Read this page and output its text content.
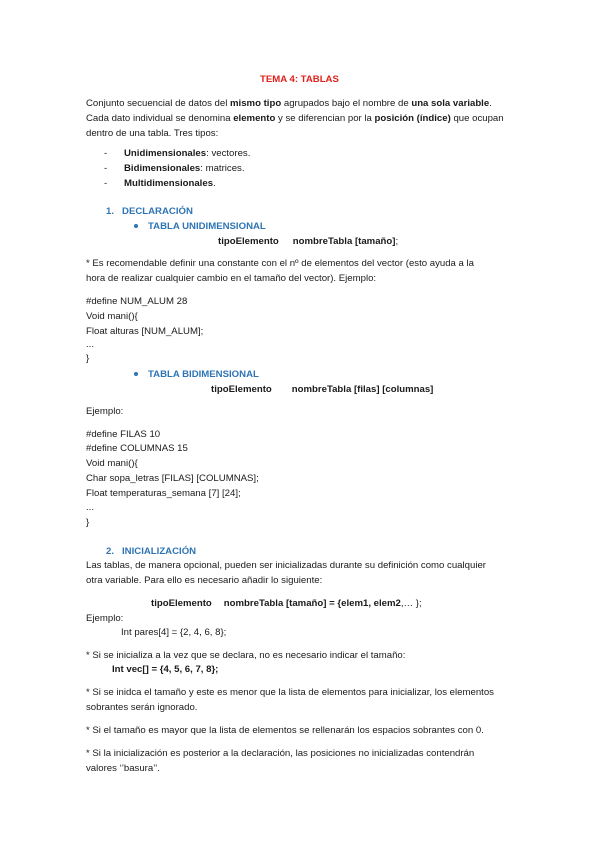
TEMA 4: TABLAS
Conjunto secuencial de datos del mismo tipo agrupados bajo el nombre de una sola variable.
Cada dato individual se denomina elemento y se diferencian por la posición (índice) que ocupan
dentro de una tabla. Tres tipos:
- Unidimensionales: vectores.
- Bidimensionales: matrices.
- Multidimensionales.
1. DECLARACIÓN
TABLA UNIDIMENSIONAL
tipoElemento nombreTabla [tamaño];
* Es recomendable definir una constante con el nº de elementos del vector (esto ayuda a la
hora de realizar cualquier cambio en el tamaño del vector). Ejemplo:
#define NUM_ALUM 28
Void mani(){
Float alturas [NUM_ALUM];
...
}
TABLA BIDIMENSIONAL
tipoElemento nombreTabla [filas] [columnas]
Ejemplo:
#define FILAS 10
#define COLUMNAS 15
Void mani(){
Char sopa_letras [FILAS] [COLUMNAS];
Float temperaturas_semana [7] [24];
...
}
2. INICIALIZACIÓN
Las tablas, de manera opcional, pueden ser inicializadas durante su definición como cualquier
otra variable. Para ello es necesario añadir lo siguiente:
tipoElemento nombreTabla [tamaño] = {elem1, elem2,… };
Ejemplo:
Int pares[4] = {2, 4, 6, 8};
* Si se inicializa a la vez que se declara, no es necesario indicar el tamaño:
Int vec[] = {4, 5, 6, 7, 8};
* Si se inidca el tamaño y este es menor que la lista de elementos para inicializar, los elementos
sobrantes serán ignorado.
* Si el tamaño es mayor que la lista de elementos se rellenarán los espacios sobrantes con 0.
* Si la inicialización es posterior a la declaración, las posiciones no inicializadas contendrán
valores ‘’basura’’.
